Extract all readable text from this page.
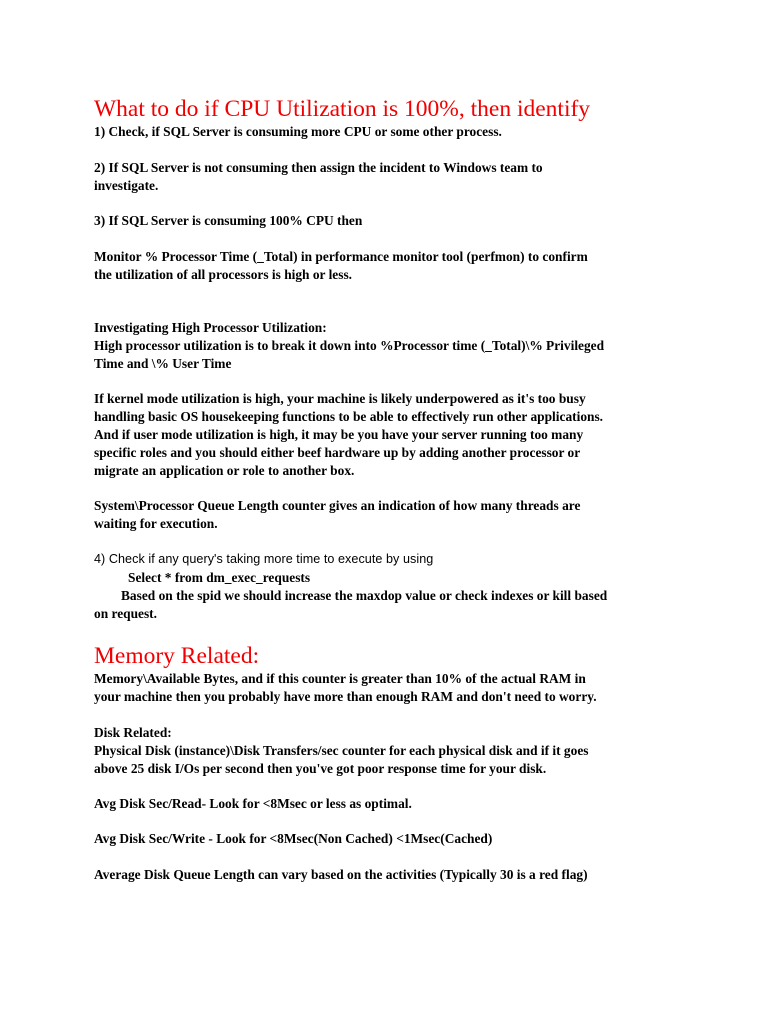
What to do if CPU Utilization is 100%, then identify

1) Check, if SQL Server is consuming more CPU or some other process.

2) If SQL Server is not consuming then assign the incident to Windows team to
investigate.

3) If SQL Server is consuming 100% CPU then

Monitor % Processor Time (_Total) in performance monitor tool (perfmon) to confirm
the utilization of all processors is high or less.

Investigating High Processor Utilization:
High processor utilization is to break it down into %Processor time (_Total)\% Privileged
Time and \% User Time

If kernel mode utilization is high, your machine is likely underpowered as it's too busy
handling basic OS housekeeping functions to be able to effectively run other applications.
And if user mode utilization is high, it may be you have your server running too many
specific roles and you should either beef hardware up by adding another processor or
migrate an application or role to another box.

System\Processor Queue Length counter gives an indication of how many threads are
waiting for execution.

4) Check if any query's taking more time to execute by using
Select * from dm_exec_requests
Based on the spid we should increase the maxdop value or check indexes or kill based
on request.

Memory Related:

Memory\Available Bytes, and if this counter is greater than 10% of the actual RAM in
your machine then you probably have more than enough RAM and don't need to worry.

Disk Related:
Physical Disk (instance)\Disk Transfers/sec counter for each physical disk and if it goes
above 25 disk I/Os per second then you've got poor response time for your disk.

Avg Disk Sec/Read- Look for <8Msec or less as optimal.

Avg Disk Sec/Write - Look for <8Msec(Non Cached) <1Msec(Cached)

Average Disk Queue Length can vary based on the activities (Typically 30 is a red flag)
